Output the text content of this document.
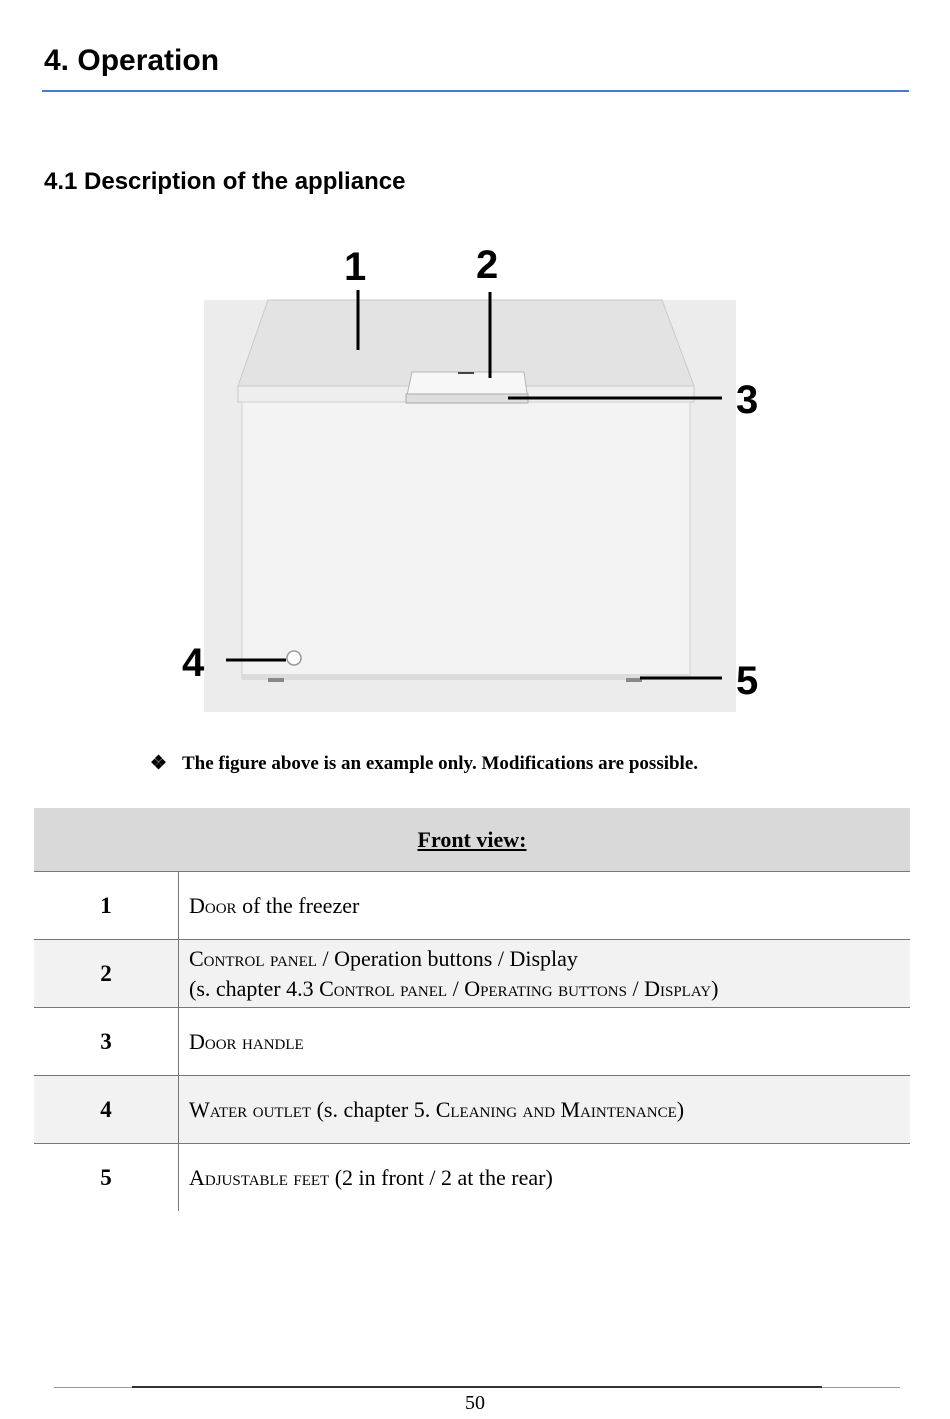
4. Operation
4.1 Description of the appliance
1	2
3
4	5
❖ The figure above is an example only. Modifications are possible.
Front view:	
1	Door of the freezer
2	Control panel / Operation buttons / Display
(s. chapter 4.3 Control panel / Operating buttons / Display)
3	Door handle
4	Water outlet (s. chapter 5. Cleaning and Maintenance)
5	Adjustable feet (2 in front / 2 at the rear)
50
